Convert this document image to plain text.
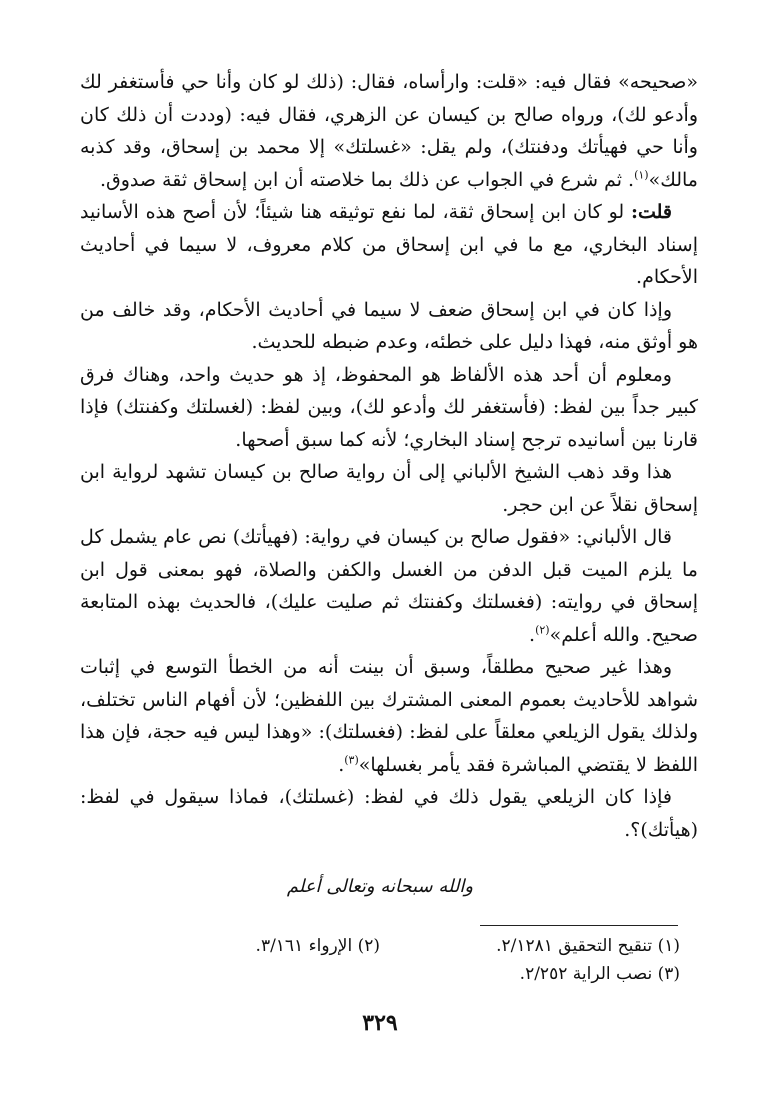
«صحيحه» فقال فيه: «قلت: وارأساه، فقال: (ذلك لو كان وأنا حي فأستغفر لك وأدعو لك)، ورواه صالح بن كيسان عن الزهري، فقال فيه: (وددت أن ذلك كان وأنا حي فهيأتك ودفنتك)، ولم يقل: «غسلتك» إلا محمد بن إسحاق، وقد كذبه مالك»$^{(١)}$. ثم شرع في الجواب عن ذلك بما خلاصته أن ابن إسحاق ثقة صدوق.

قلت: لو كان ابن إسحاق ثقة، لما نفع توثيقه هنا شيئاً؛ لأن أصح هذه الأسانيد إسناد البخاري، مع ما في ابن إسحاق من كلام معروف، لا سيما في أحاديث الأحكام.

وإذا كان في ابن إسحاق ضعف لا سيما في أحاديث الأحكام، وقد خالف من هو أوثق منه، فهذا دليل على خطئه، وعدم ضبطه للحديث.

ومعلوم أن أحد هذه الألفاظ هو المحفوظ، إذ هو حديث واحد، وهناك فرق كبير جداً بين لفظ: (فأستغفر لك وأدعو لك)، وبين لفظ: (لغسلتك وكفنتك) فإذا قارنا بين أسانيده ترجح إسناد البخاري؛ لأنه كما سبق أصحها.

هذا وقد ذهب الشيخ الألباني إلى أن رواية صالح بن كيسان تشهد لرواية ابن إسحاق نقلاً عن ابن حجر.

قال الألباني: «فقول صالح بن كيسان في رواية: (فهيأتك) نص عام يشمل كل ما يلزم الميت قبل الدفن من الغسل والكفن والصلاة، فهو بمعنى قول ابن إسحاق في روايته: (فغسلتك وكفنتك ثم صليت عليك)، فالحديث بهذه المتابعة صحيح. والله أعلم»$^{(٢)}$.

وهذا غير صحيح مطلقاً، وسبق أن بينت أنه من الخطأ التوسع في إثبات شواهد للأحاديث بعموم المعنى المشترك بين اللفظين؛ لأن أفهام الناس تختلف، ولذلك يقول الزيلعي معلقاً على لفظ: (فغسلتك): «وهذا ليس فيه حجة، فإن هذا اللفظ لا يقتضي المباشرة فقد يأمر بغسلها»$^{(٣)}$.

فإذا كان الزيلعي يقول ذلك في لفظ: (غسلتك)، فماذا سيقول في لفظ: (هيأتك)؟.

والله سبحانه وتعالى أعلم
(١) تنقيح التحقيق ٢/١٢٨١.
(٢) الإرواء ٣/١٦١.
(٣) نصب الراية ٢/٢٥٢.
٣٢٩
